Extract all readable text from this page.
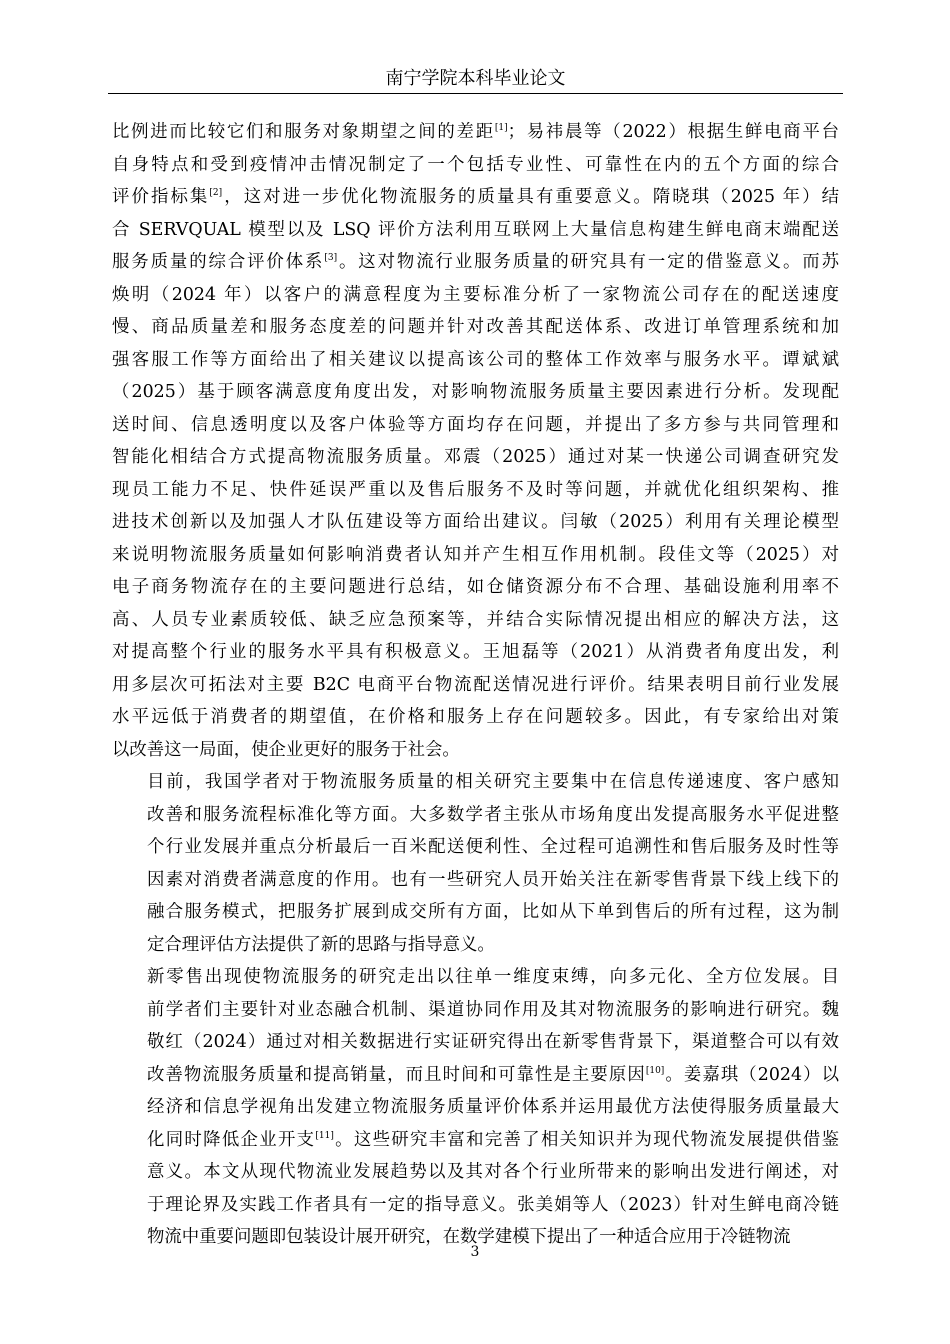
南宁学院本科毕业论文

比例进而比较它们和服务对象期望之间的差距[1]；易祎晨等（2022）根据生鲜电商平台
自身特点和受到疫情冲击情况制定了一个包括专业性、可靠性在内的五个方面的综合
评价指标集[2]，这对进一步优化物流服务的质量具有重要意义。隋晓琪（2025 年）结
合 SERVQUAL 模型以及 LSQ 评价方法利用互联网上大量信息构建生鲜电商末端配送
服务质量的综合评价体系[3]。这对物流行业服务质量的研究具有一定的借鉴意义。而苏
焕明（2024 年）以客户的满意程度为主要标准分析了一家物流公司存在的配送速度
慢、商品质量差和服务态度差的问题并针对改善其配送体系、改进订单管理系统和加
强客服工作等方面给出了相关建议以提高该公司的整体工作效率与服务水平。谭斌斌
（2025）基于顾客满意度角度出发，对影响物流服务质量主要因素进行分析。发现配
送时间、信息透明度以及客户体验等方面均存在问题，并提出了多方参与共同管理和
智能化相结合方式提高物流服务质量。邓震（2025）通过对某一快递公司调查研究发
现员工能力不足、快件延误严重以及售后服务不及时等问题，并就优化组织架构、推
进技术创新以及加强人才队伍建设等方面给出建议。闫敏（2025）利用有关理论模型
来说明物流服务质量如何影响消费者认知并产生相互作用机制。段佳文等（2025）对
电子商务物流存在的主要问题进行总结，如仓储资源分布不合理、基础设施利用率不
高、人员专业素质较低、缺乏应急预案等，并结合实际情况提出相应的解决方法，这
对提高整个行业的服务水平具有积极意义。王旭磊等（2021）从消费者角度出发，利
用多层次可拓法对主要 B2C 电商平台物流配送情况进行评价。结果表明目前行业发展
水平远低于消费者的期望值，在价格和服务上存在问题较多。因此，有专家给出对策
以改善这一局面，使企业更好的服务于社会。

目前，我国学者对于物流服务质量的相关研究主要集中在信息传递速度、客户感知
改善和服务流程标准化等方面。大多数学者主张从市场角度出发提高服务水平促进整
个行业发展并重点分析最后一百米配送便利性、全过程可追溯性和售后服务及时性等
因素对消费者满意度的作用。也有一些研究人员开始关注在新零售背景下线上线下的
融合服务模式，把服务扩展到成交所有方面，比如从下单到售后的所有过程，这为制
定合理评估方法提供了新的思路与指导意义。

新零售出现使物流服务的研究走出以往单一维度束缚，向多元化、全方位发展。目
前学者们主要针对业态融合机制、渠道协同作用及其对物流服务的影响进行研究。魏
敬红（2024）通过对相关数据进行实证研究得出在新零售背景下，渠道整合可以有效
改善物流服务质量和提高销量，而且时间和可靠性是主要原因[10]。姜嘉琪（2024）以
经济和信息学视角出发建立物流服务质量评价体系并运用最优方法使得服务质量最大
化同时降低企业开支[11]。这些研究丰富和完善了相关知识并为现代物流发展提供借鉴
意义。本文从现代物流业发展趋势以及其对各个行业所带来的影响出发进行阐述，对
于理论界及实践工作者具有一定的指导意义。张美娟等人（2023）针对生鲜电商冷链
物流中重要问题即包装设计展开研究，在数学建模下提出了一种适合应用于冷链物流

3
